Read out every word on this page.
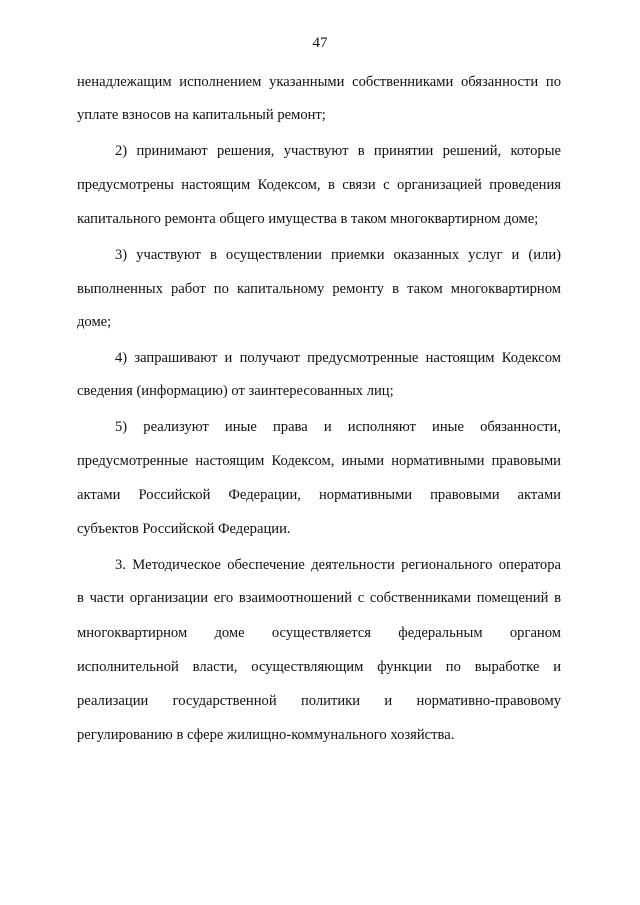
47
ненадлежащим исполнением указанными собственниками обязанности по
уплате взносов на капитальный ремонт;
2) принимают решения, участвуют в принятии решений, которые
предусмотрены настоящим Кодексом, в связи с организацией проведения
капитального ремонта общего имущества в таком многоквартирном доме;
3) участвуют в осуществлении приемки оказанных услуг и (или)
выполненных работ по капитальному ремонту в таком многоквартирном
доме;
4) запрашивают и получают предусмотренные настоящим Кодексом
сведения (информацию) от заинтересованных лиц;
5) реализуют иные права и исполняют иные обязанности,
предусмотренные настоящим Кодексом, иными нормативными правовыми
актами Российской Федерации, нормативными правовыми актами
субъектов Российской Федерации.
3. Методическое обеспечение деятельности регионального оператора
в части организации его взаимоотношений с собственниками помещений в
многоквартирном доме осуществляется федеральным органом
исполнительной власти, осуществляющим функции по выработке и
реализации государственной политики и нормативно-правовому
регулированию в сфере жилищно-коммунального хозяйства.
